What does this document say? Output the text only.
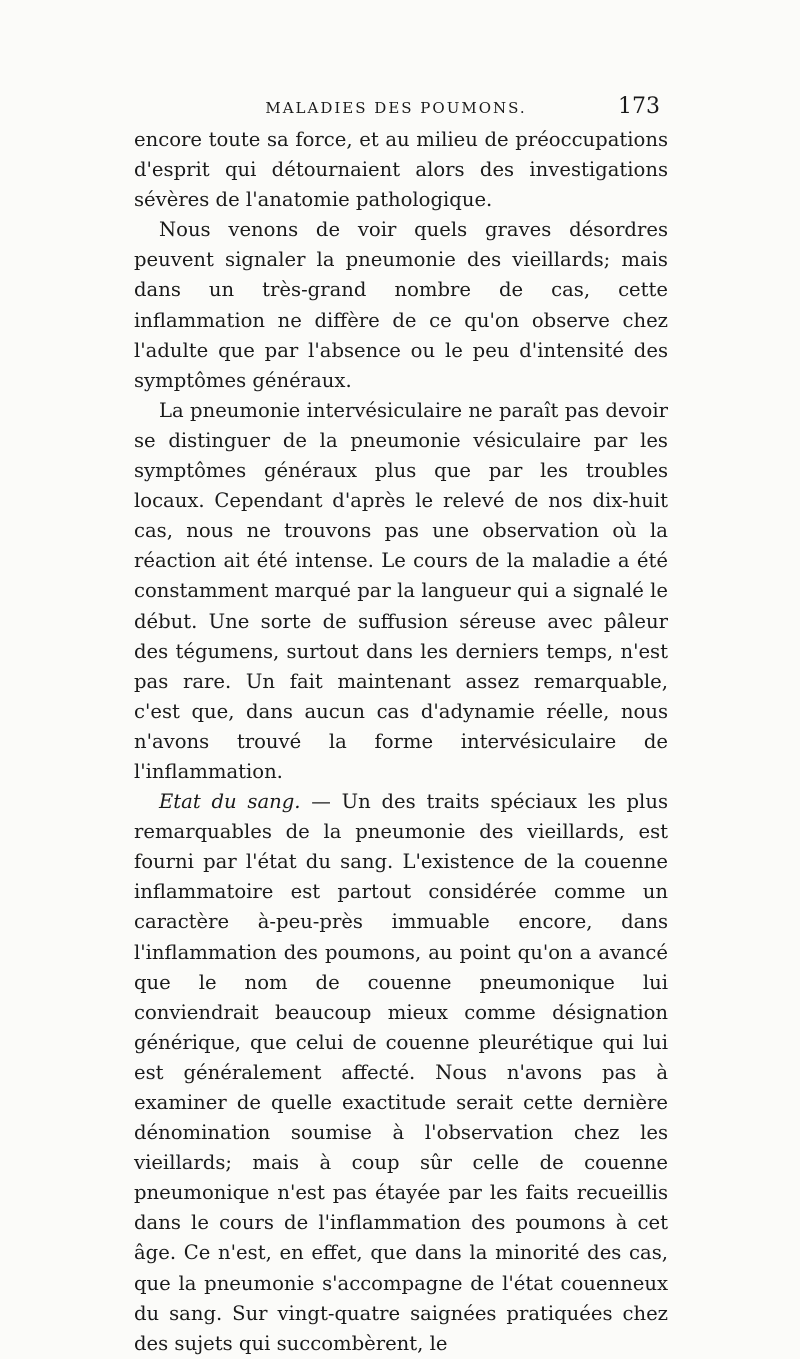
MALADIES DES POUMONS.	173

encore toute sa force, et au milieu de préoccupations d'esprit qui détournaient alors des investigations sévères de l'anatomie pathologique.

Nous venons de voir quels graves désordres peuvent signaler la pneumonie des vieillards; mais dans un très-grand nombre de cas, cette inflammation ne diffère de ce qu'on observe chez l'adulte que par l'absence ou le peu d'intensité des symptômes généraux.

La pneumonie intervésiculaire ne paraît pas devoir se distinguer de la pneumonie vésiculaire par les symptômes généraux plus que par les troubles locaux. Cependant d'après le relevé de nos dix-huit cas, nous ne trouvons pas une observation où la réaction ait été intense. Le cours de la maladie a été constamment marqué par la langueur qui a signalé le début. Une sorte de suffusion séreuse avec pâleur des tégumens, surtout dans les derniers temps, n'est pas rare. Un fait maintenant assez remarquable, c'est que, dans aucun cas d'adynamie réelle, nous n'avons trouvé la forme intervésiculaire de l'inflammation.

Etat du sang. — Un des traits spéciaux les plus remarquables de la pneumonie des vieillards, est fourni par l'état du sang. L'existence de la couenne inflammatoire est partout considérée comme un caractère à-peu-près immuable encore, dans l'inflammation des poumons, au point qu'on a avancé que le nom de couenne pneumonique lui conviendrait beaucoup mieux comme désignation générique, que celui de couenne pleurétique qui lui est généralement affecté. Nous n'avons pas à examiner de quelle exactitude serait cette dernière dénomination soumise à l'observation chez les vieillards; mais à coup sûr celle de couenne pneumonique n'est pas étayée par les faits recueillis dans le cours de l'inflammation des poumons à cet âge. Ce n'est, en effet, que dans la minorité des cas, que la pneumonie s'accompagne de l'état couenneux du sang. Sur vingt-quatre saignées pratiquées chez des sujets qui succombèrent, le
